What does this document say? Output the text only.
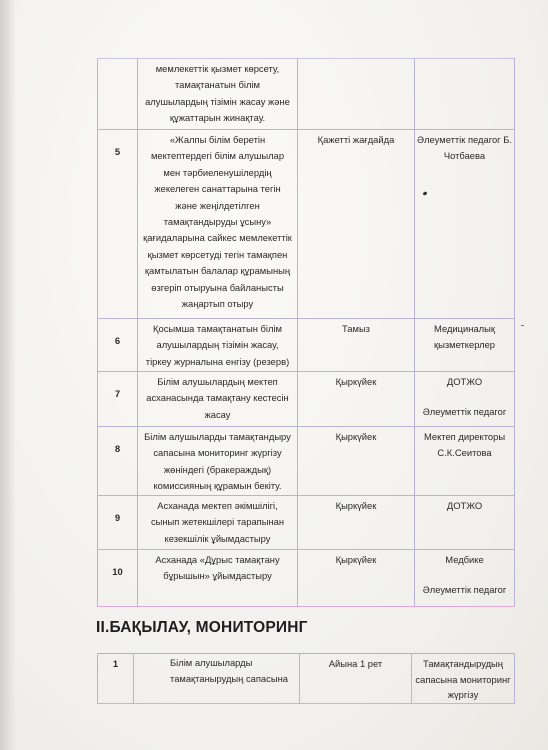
	мемлекеттік қызмет көрсету, тамақтанатын білім алушылардың тізімін жасау және құжаттарын жинақтау.		
5	«Жалпы білім беретін мектептердегі білім алушылар мен тәрбиеленушілердің жекелеген санаттарына тегін және жеңілдетілген тамақтандыруды ұсыну» қағидаларына сайкес мемлекеттік қызмет көрсетуді тегін тамақпен қамтылатын балалар құрамының өзгеріп отыруына байланысты жаңартып отыру	Қажетті жағдайда	Әлеуметтік педагог Б. Чотбаева
6	Қосымша тамақтанатын білім алушылардың тізімін жасау, тіркеу журналына енгізу (резерв)	Тамыз	Медициналық қызметкерлер
7	Білім алушылардың мектеп асханасында тамақтану кестесін жасау	Қыркүйек	ДОТЖО
Әлеуметтік педагог
8	Білім алушыларды тамақтандыру сапасына мониторинг жүргізу жөніндегі (бракераждық) комиссияның құрамын бекіту.	Қыркүйек	Мектеп директоры С.К.Сеитова
9	Асханада мектеп әкімшілігі, сынып жетекшілері тарапынан кезекшілік ұйымдастыру	Қыркүйек	ДОТЖО
10	Асханада «Дұрыс тамақтану бұрышын» ұйымдастыру	Қыркүйек	Медбике
Әлеуметтік педагог
II.БАҚЫЛАУ, МОНИТОРИНГ
1	Білім алушыларды тамақтанырудың сапасына	Айына 1 рет	Тамақтандырудың сапасына мониторинг жүргізу
